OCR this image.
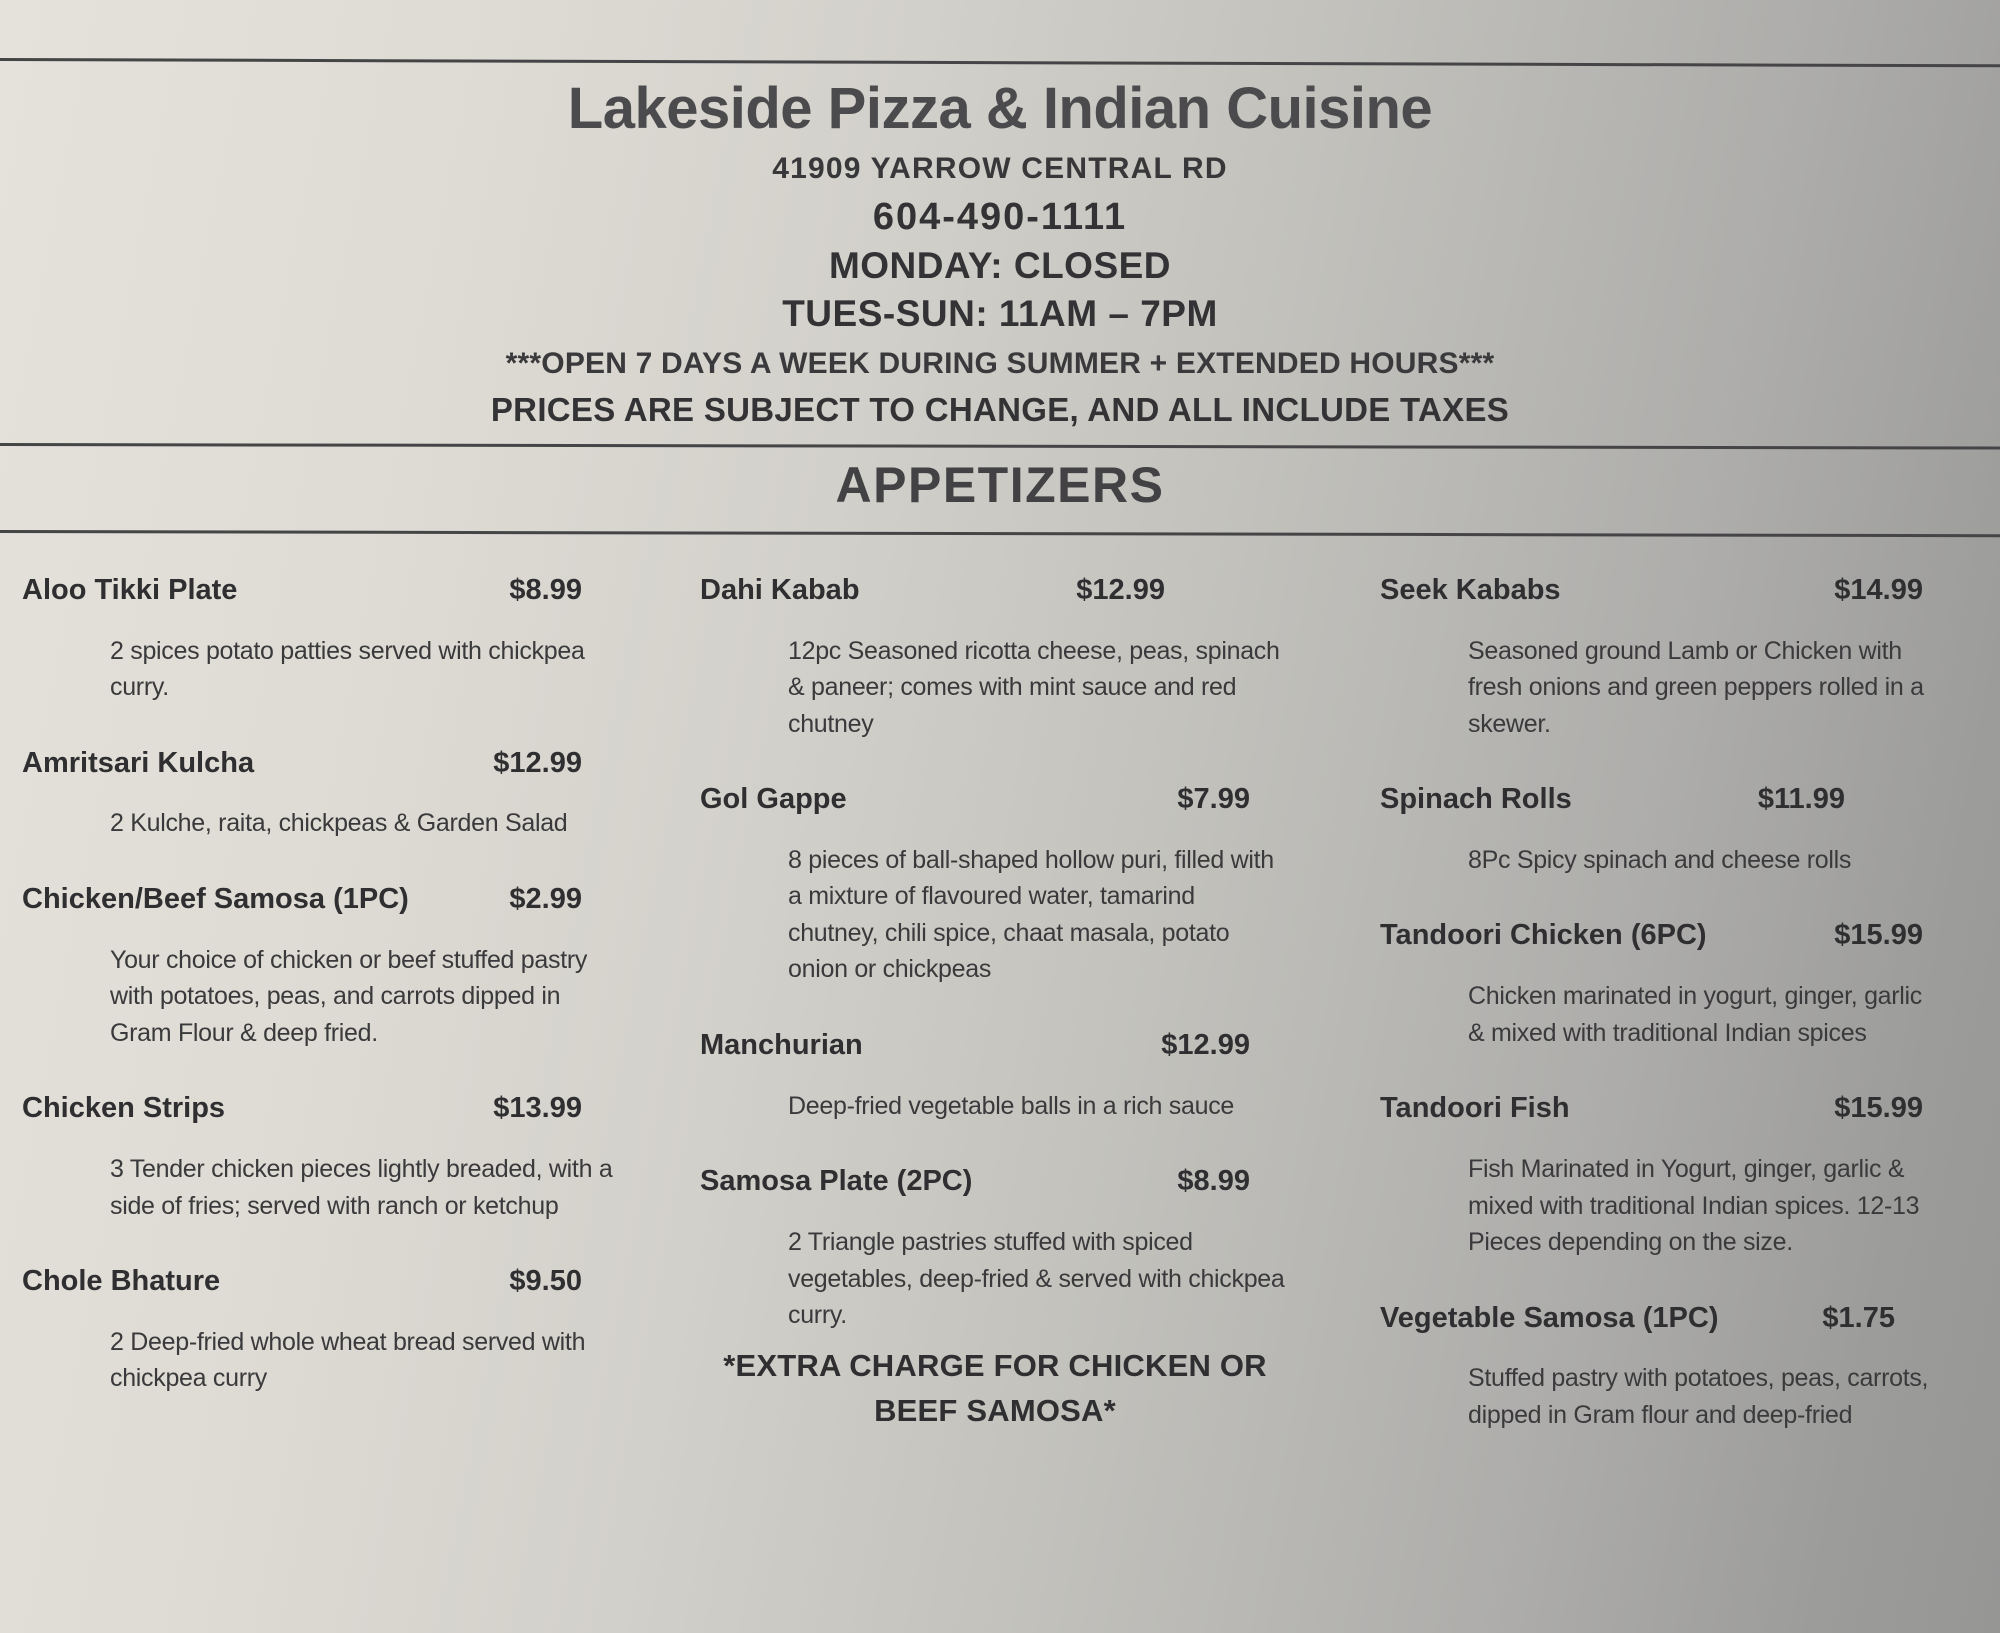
Lakeside Pizza & Indian Cuisine
41909 YARROW CENTRAL RD
604-490-1111
MONDAY: CLOSED
TUES-SUN: 11AM – 7PM
***OPEN 7 DAYS A WEEK DURING SUMMER + EXTENDED HOURS***
PRICES ARE SUBJECT TO CHANGE, AND ALL INCLUDE TAXES
APPETIZERS
Aloo Tikki Plate	$8.99

2 spices potato patties served with chickpea curry.

Amritsari Kulcha	$12.99

2 Kulche, raita, chickpeas & Garden Salad

Chicken/Beef Samosa (1PC)	$2.99

Your choice of chicken or beef stuffed pastry with potatoes, peas, and carrots dipped in Gram Flour & deep fried.

Chicken Strips	$13.99

3 Tender chicken pieces lightly breaded, with a side of fries; served with ranch or ketchup

Chole Bhature	$9.50

2 Deep-fried whole wheat bread served with chickpea curry

Dahi Kabab	$12.99

12pc Seasoned ricotta cheese, peas, spinach & paneer; comes with mint sauce and red chutney

Gol Gappe	$7.99

8 pieces of ball-shaped hollow puri, filled with a mixture of flavoured water, tamarind chutney, chili spice, chaat masala, potato onion or chickpeas

Manchurian	$12.99

Deep-fried vegetable balls in a rich sauce

Samosa Plate (2PC)	$8.99

2 Triangle pastries stuffed with spiced vegetables, deep-fried & served with chickpea curry.

*EXTRA CHARGE FOR CHICKEN OR
BEEF SAMOSA*
Seek Kababs	$14.99

Seasoned ground Lamb or Chicken with fresh onions and green peppers rolled in a skewer.

Spinach Rolls	$11.99

8Pc Spicy spinach and cheese rolls

Tandoori Chicken (6PC)	$15.99

Chicken marinated in yogurt, ginger, garlic & mixed with traditional Indian spices

Tandoori Fish	$15.99

Fish Marinated in Yogurt, ginger, garlic & mixed with traditional Indian spices. 12-13 Pieces depending on the size.

Vegetable Samosa (1PC)	$1.75

Stuffed pastry with potatoes, peas, carrots, dipped in Gram flour and deep-fried
